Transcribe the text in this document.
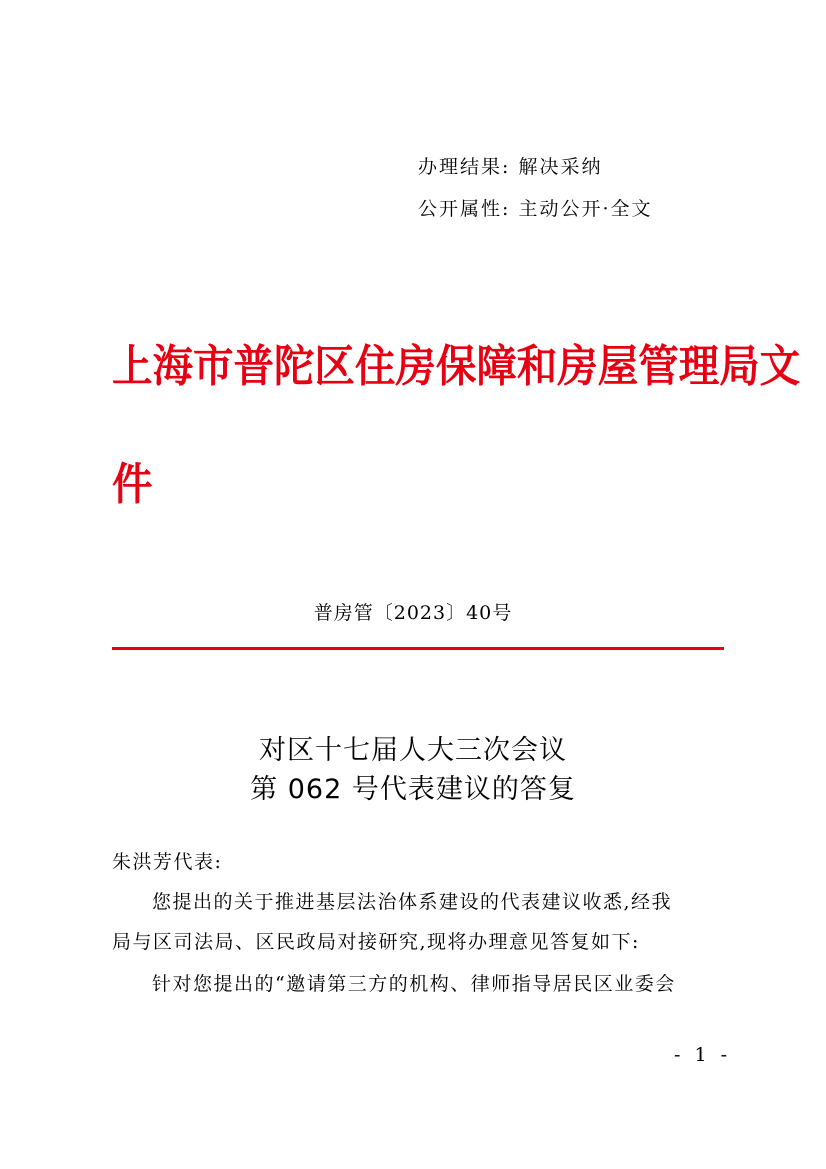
办理结果: 解决采纳
公开属性: 主动公开·全文
上海市普陀区住房保障和房屋管理局文
件
普房管〔2023〕40号
对区十七届人大三次会议
第 062 号代表建议的答复
朱洪芳代表:
您提出的关于推进基层法治体系建设的代表建议收悉,经我
局与区司法局、区民政局对接研究,现将办理意见答复如下:
针对您提出的“邀请第三方的机构、律师指导居民区业委会
- 1 -
